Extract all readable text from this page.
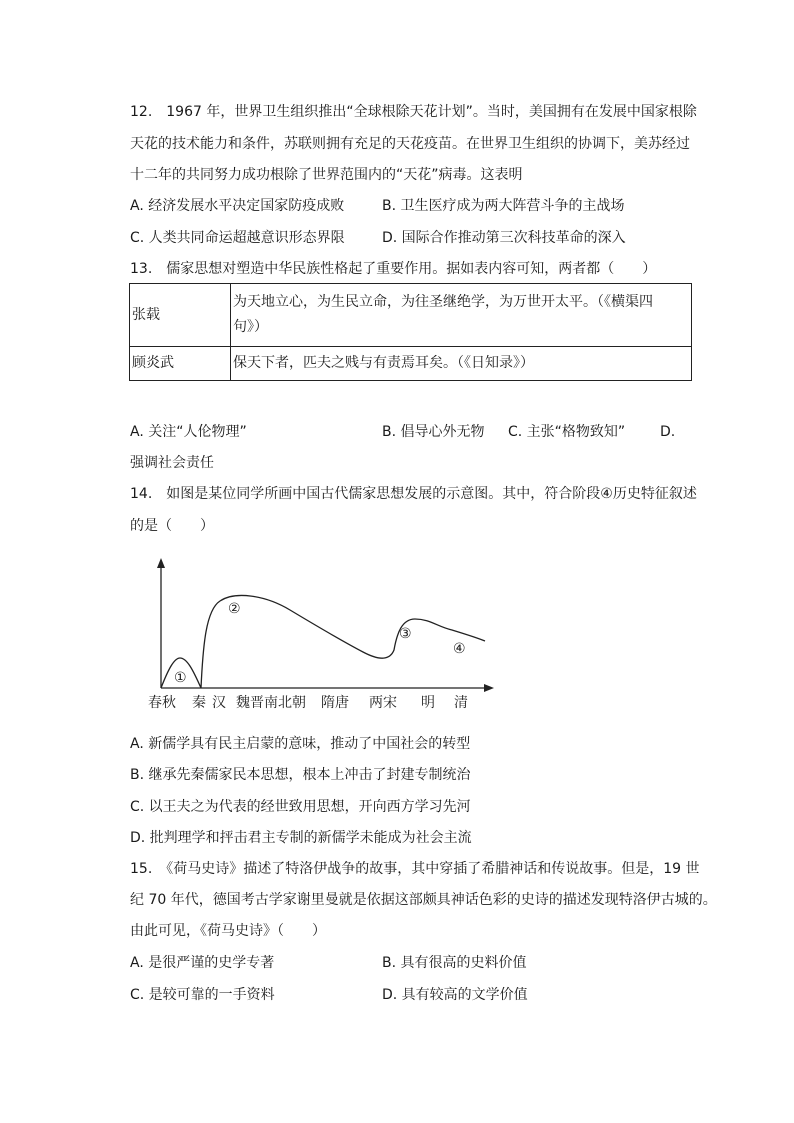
12.　1967 年，世界卫生组织推出“全球根除天花计划”。当时，美国拥有在发展中国家根除
天花的技术能力和条件，苏联则拥有充足的天花疫苗。在世界卫生组织的协调下，美苏经过
十二年的共同努力成功根除了世界范围内的“天花”病毒。这表明
A. 经济发展水平决定国家防疫成败	B. 卫生医疗成为两大阵营斗争的主战场
C. 人类共同命运超越意识形态界限	D. 国际合作推动第三次科技革命的深入
13.　儒家思想对塑造中华民族性格起了重要作用。据如表内容可知，两者都（　　）
张载	为天地立心，为生民立命，为往圣继绝学，为万世开太平。（《横渠四
句》）

顾炎武	保天下者，匹夫之贱与有责焉耳矣。（《日知录》）
A. 关注“人伦物理”	B. 倡导心外无物 C. 主张“格物致知” D.
强调社会责任
14.　如图是某位同学所画中国古代儒家思想发展的示意图。其中，符合阶段④历史特征叙述
的是（　　）
①
②
③
④
春秋 秦 汉 魏晋南北朝 隋唐 两宋 明 清
A. 新儒学具有民主启蒙的意味，推动了中国社会的转型
B. 继承先秦儒家民本思想，根本上冲击了封建专制统治
C. 以王夫之为代表的经世致用思想，开向西方学习先河
D. 批判理学和抨击君主专制的新儒学未能成为社会主流
15.　《荷马史诗》描述了特洛伊战争的故事，其中穿插了希腊神话和传说故事。但是，19 世
纪 70 年代，德国考古学家谢里曼就是依据这部颇具神话色彩的史诗的描述发现特洛伊古城的。
由此可见，《荷马史诗》（　　）
A. 是很严谨的史学专著	B. 具有很高的史料价值
C. 是较可靠的一手资料	D. 具有较高的文学价值
